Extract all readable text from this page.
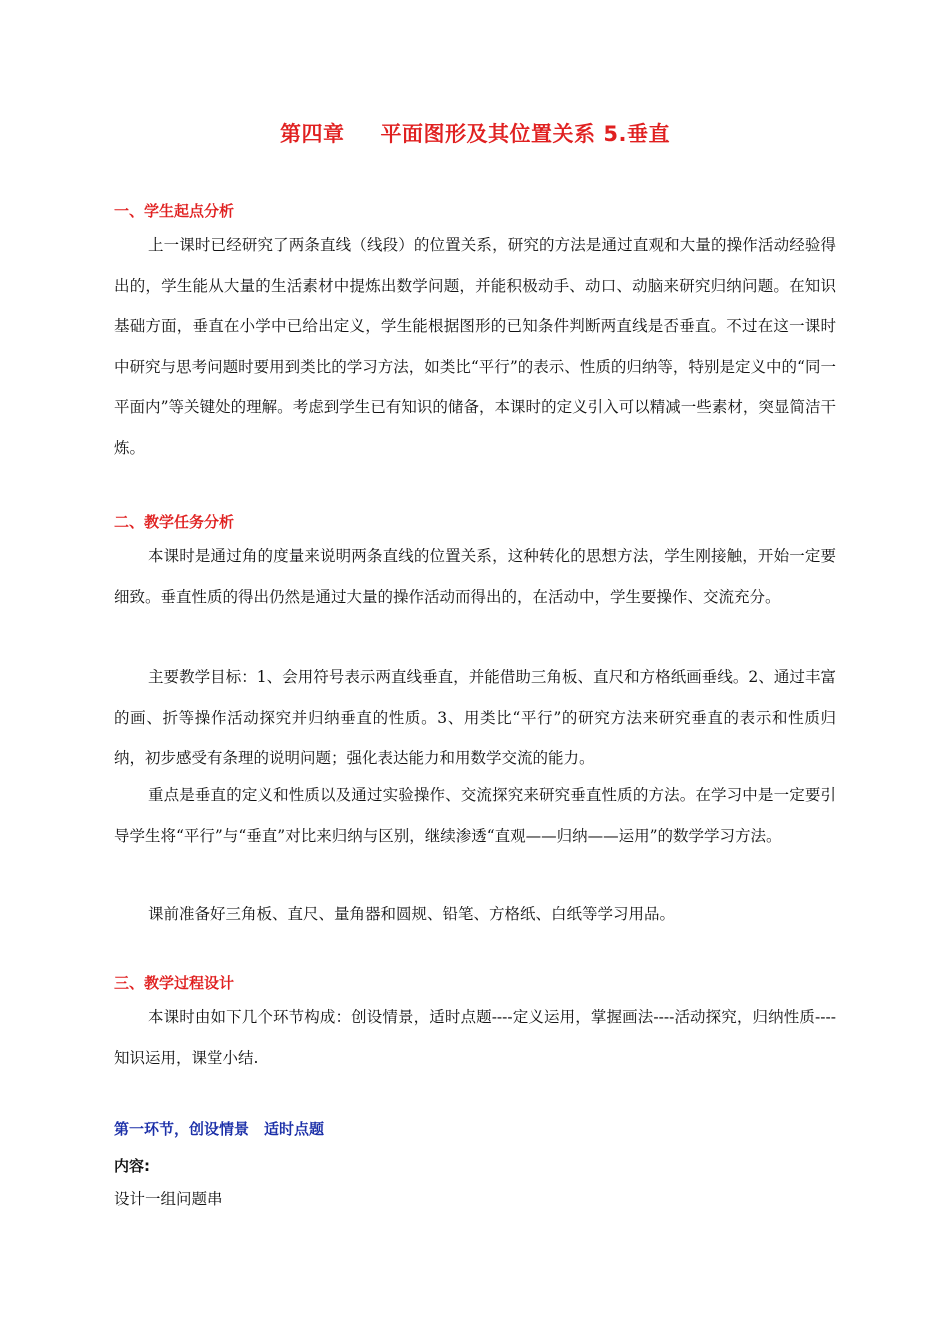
第四章 平面图形及其位置关系 5.垂直
一、学生起点分析

上一课时已经研究了两条直线（线段）的位置关系，研究的方法是通过直观和大量的操作活动经验得出的，学生能从大量的生活素材中提炼出数学问题，并能积极动手、动口、动脑来研究归纳问题。在知识基础方面，垂直在小学中已给出定义，学生能根据图形的已知条件判断两直线是否垂直。不过在这一课时中研究与思考问题时要用到类比的学习方法，如类比“平行”的表示、性质的归纳等，特别是定义中的“同一平面内”等关键处的理解。考虑到学生已有知识的储备，本课时的定义引入可以精减一些素材，突显简洁干炼。

二、教学任务分析

本课时是通过角的度量来说明两条直线的位置关系，这种转化的思想方法，学生刚接触，开始一定要细致。垂直性质的得出仍然是通过大量的操作活动而得出的，在活动中，学生要操作、交流充分。

主要教学目标：1、会用符号表示两直线垂直，并能借助三角板、直尺和方格纸画垂线。2、通过丰富的画、折等操作活动探究并归纳垂直的性质。3、用类比“平行”的研究方法来研究垂直的表示和性质归纳，初步感受有条理的说明问题；强化表达能力和用数学交流的能力。

重点是垂直的定义和性质以及通过实验操作、交流探究来研究垂直性质的方法。在学习中是一定要引导学生将“平行”与“垂直”对比来归纳与区别，继续渗透“直观——归纳——运用”的数学学习方法。

课前准备好三角板、直尺、量角器和圆规、铅笔、方格纸、白纸等学习用品。

三、教学过程设计

本课时由如下几个环节构成：创设情景，适时点题----定义运用，掌握画法----活动探究，归纳性质----知识运用，课堂小结.

第一环节，创设情景　适时点题
内容:
设计一组问题串
